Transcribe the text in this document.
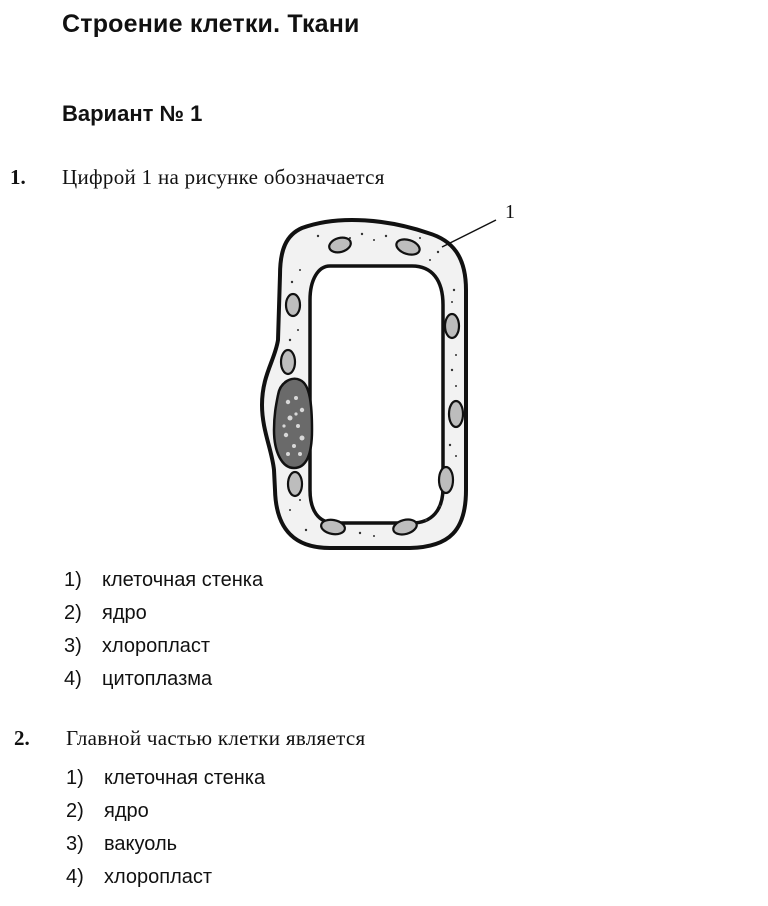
Строение клетки. Ткани
Вариант № 1
1. Цифрой 1 на рисунке обозначается
1
1) клеточная стенка
2) ядро
3) хлоропласт
4) цитоплазма
2. Главной частью клетки является
1) клеточная стенка
2) ядро
3) вакуоль
4) хлоропласт
